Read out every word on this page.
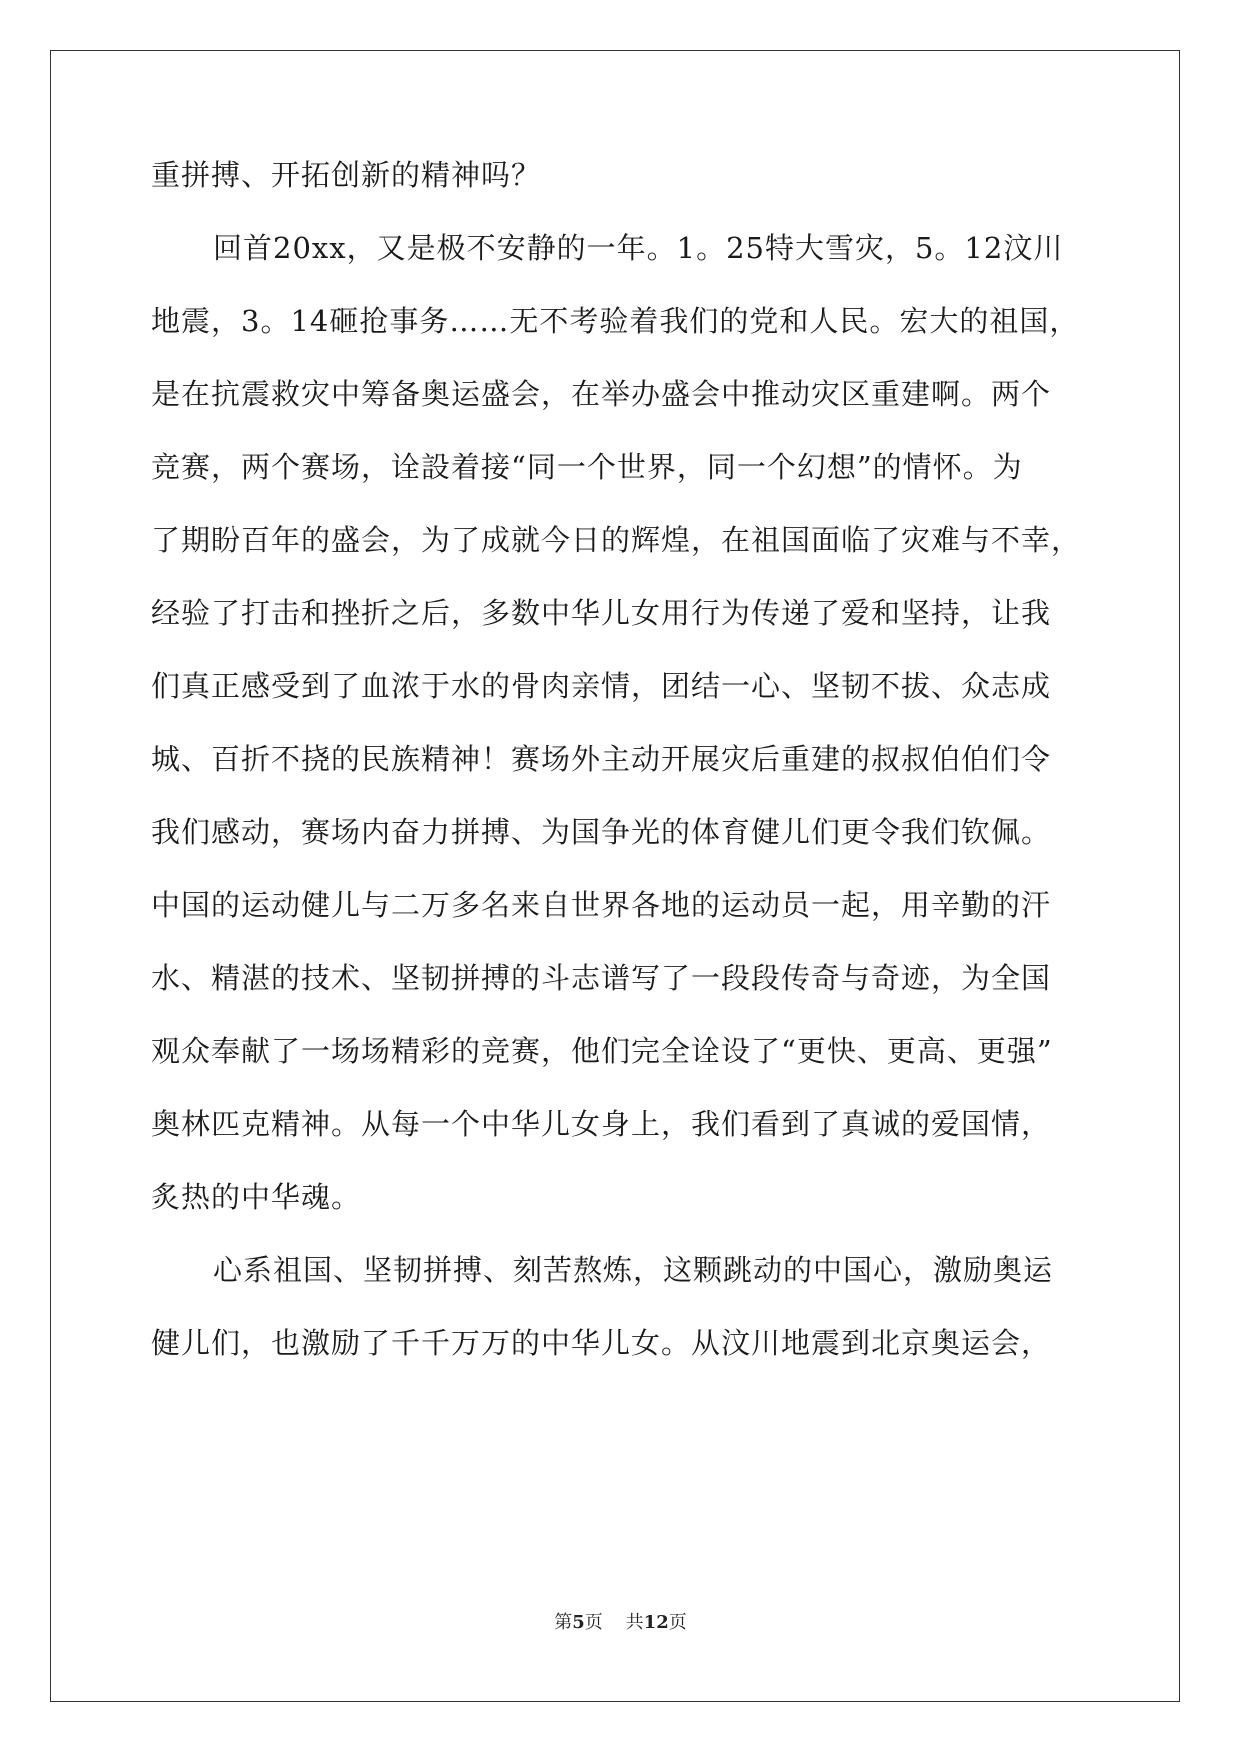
重拼搏、开拓创新的精神吗？
回首20xx，又是极不安静的一年。1。25特大雪灾，5。12汶川
地震，3。14砸抢事务……无不考验着我们的党和人民。宏大的祖国，
是在抗震救灾中筹备奥运盛会，在举办盛会中推动灾区重建啊。两个
竞赛，两个赛场，诠設着接“同一个世界，同一个幻想”的情怀。为
了期盼百年的盛会，为了成就今日的辉煌，在祖国面临了灾难与不幸，
经验了打击和挫折之后，多数中华儿女用行为传递了爱和坚持，让我
们真正感受到了血浓于水的骨肉亲情，团结一心、坚韧不拔、众志成
城、百折不挠的民族精神！赛场外主动开展灾后重建的叔叔伯伯们令
我们感动，赛场内奋力拼搏、为国争光的体育健儿们更令我们钦佩。
中国的运动健儿与二万多名来自世界各地的运动员一起，用辛勤的汗
水、精湛的技术、坚韧拼搏的斗志谱写了一段段传奇与奇迹，为全国
观众奉献了一场场精彩的竞赛，他们完全诠设了“更快、更高、更强”
奥林匹克精神。从每一个中华儿女身上，我们看到了真诚的爱国情，
炙热的中华魂。
心系祖国、坚韧拼搏、刻苦熬炼，这颗跳动的中国心，激励奥运
健儿们，也激励了千千万万的中华儿女。从汶川地震到北京奥运会，
第5页 共12页
